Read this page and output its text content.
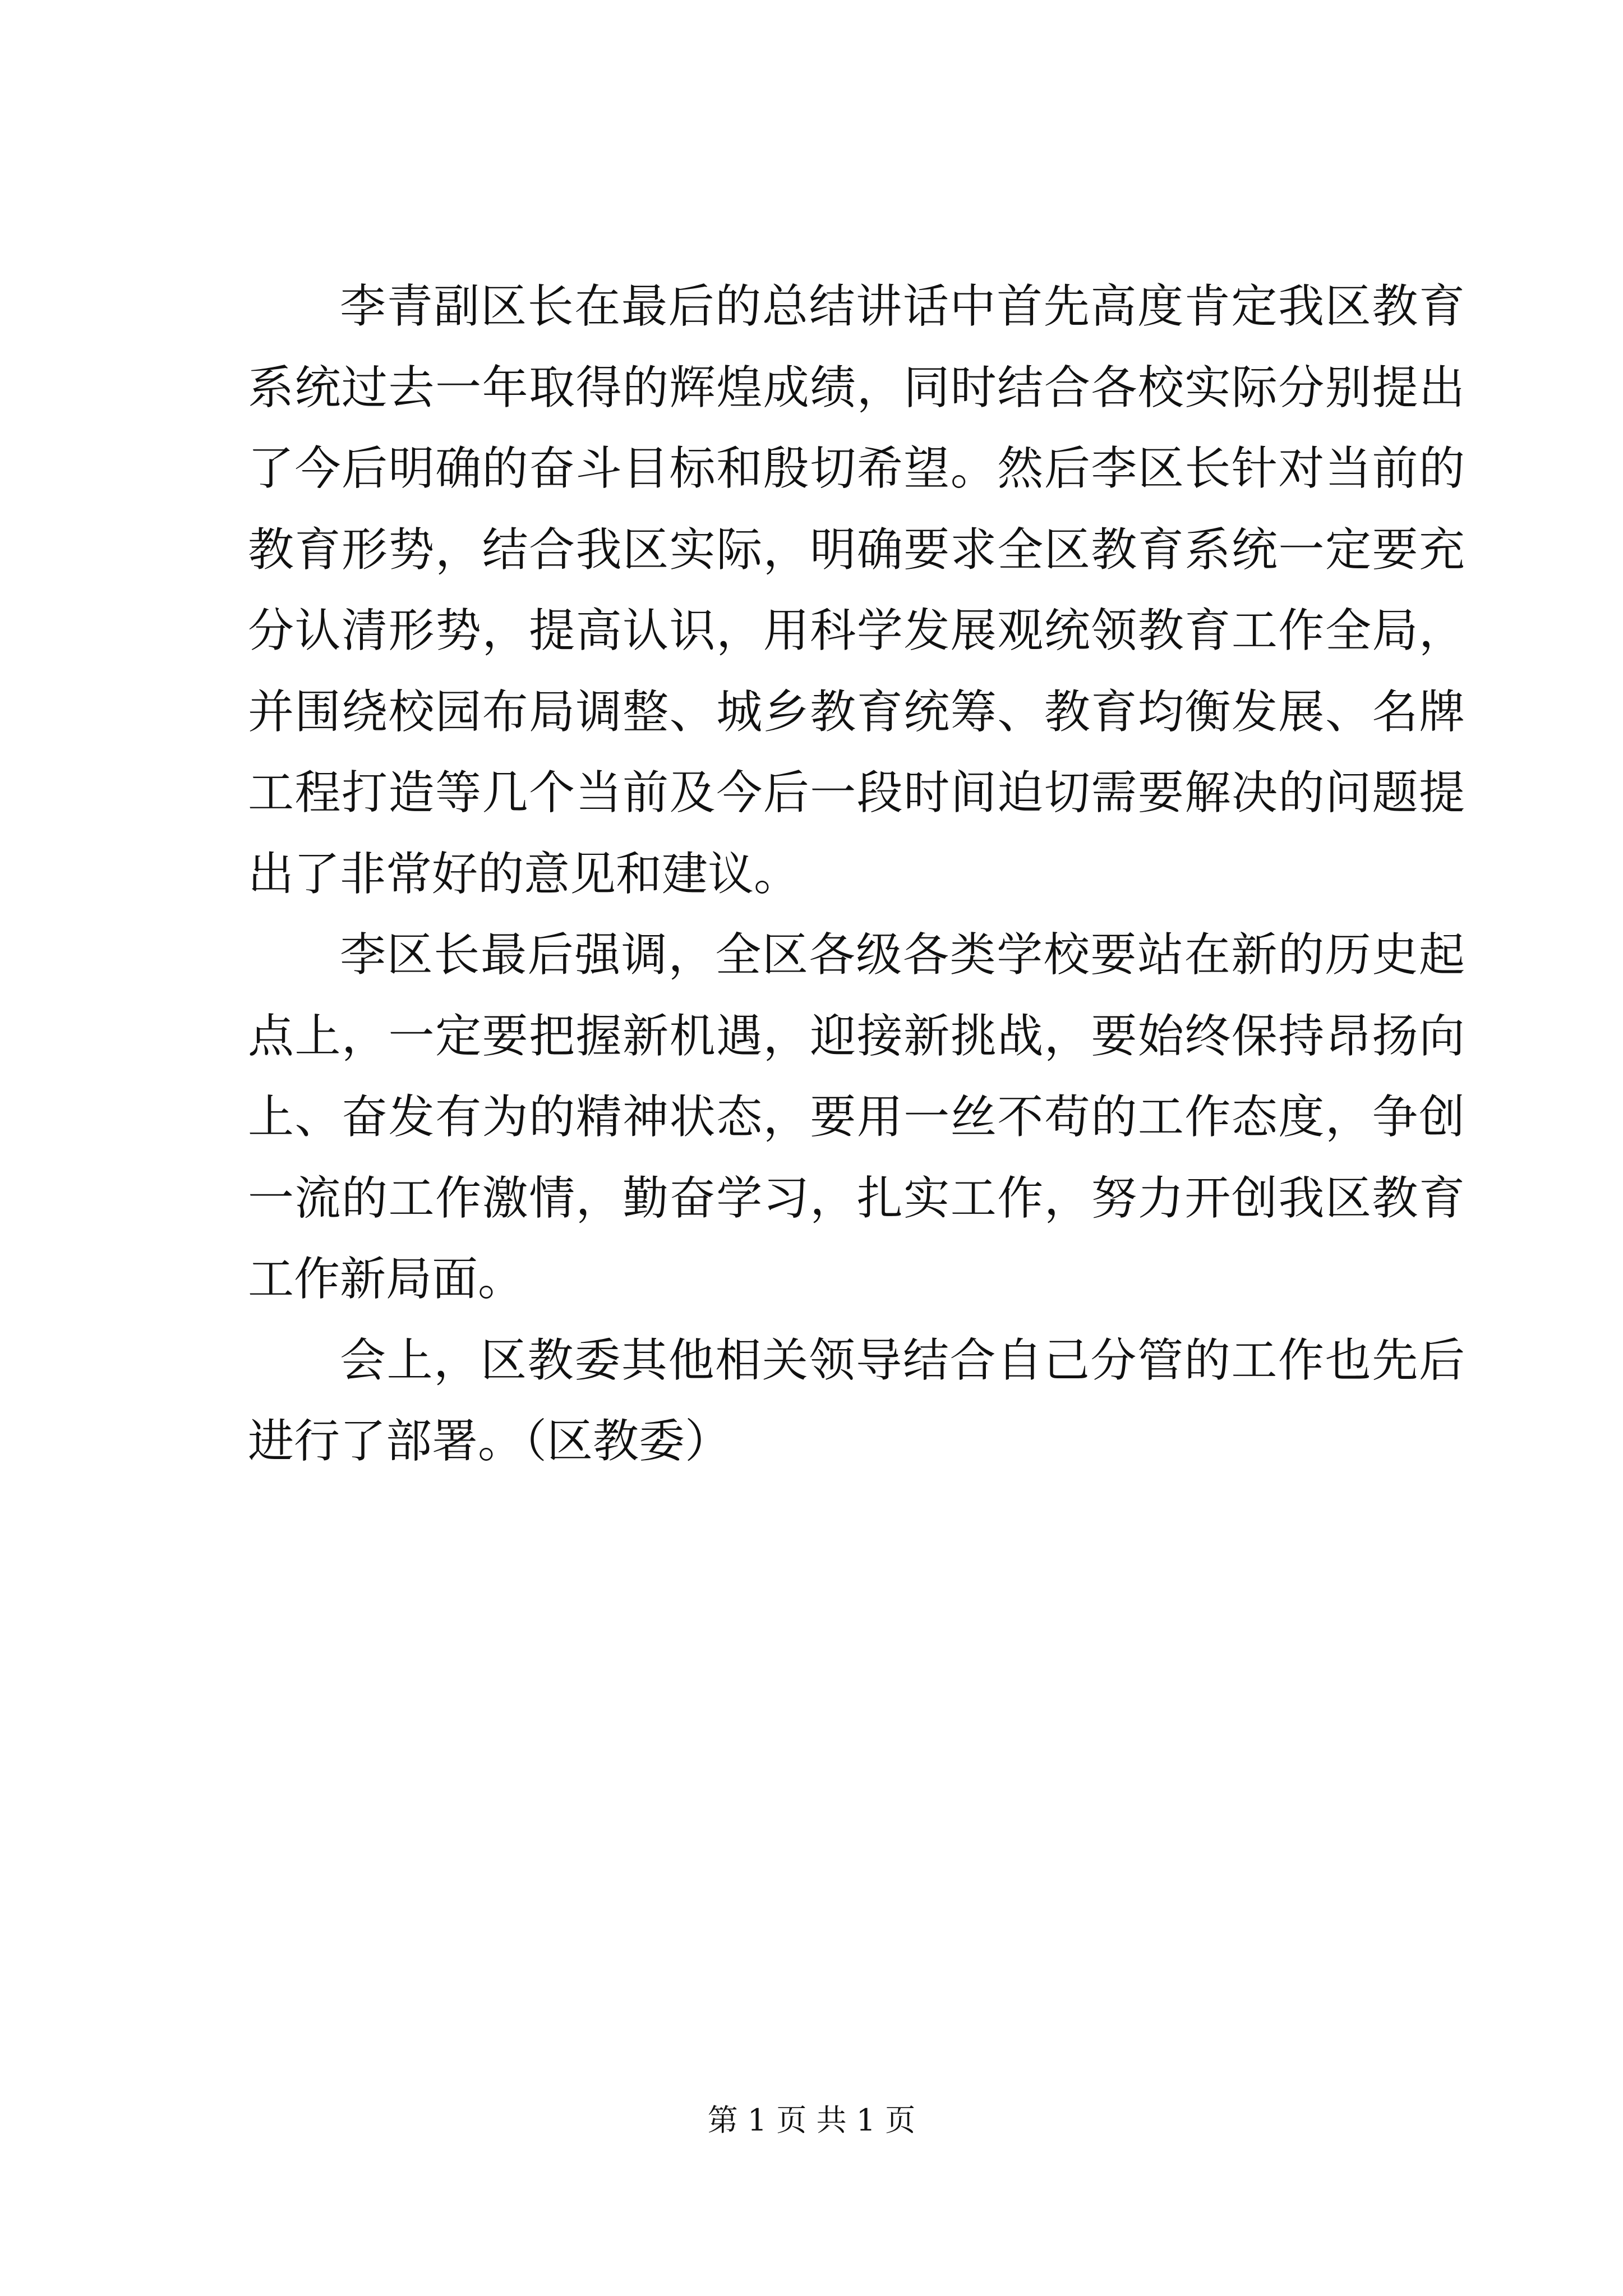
李青副区长在最后的总结讲话中首先高度肯定我区教育系统过去一年取得的辉煌成绩，同时结合各校实际分别提出了今后明确的奋斗目标和殷切希望。然后李区长针对当前的教育形势，结合我区实际，明确要求全区教育系统一定要充分认清形势，提高认识，用科学发展观统领教育工作全局，并围绕校园布局调整、城乡教育统筹、教育均衡发展、名牌工程打造等几个当前及今后一段时间迫切需要解决的问题提出了非常好的意见和建议。

李区长最后强调，全区各级各类学校要站在新的历史起点上，一定要把握新机遇，迎接新挑战，要始终保持昂扬向上、奋发有为的精神状态，要用一丝不苟的工作态度，争创一流的工作激情，勤奋学习，扎实工作，努力开创我区教育工作新局面。

会上，区教委其他相关领导结合自己分管的工作也先后进行了部署。（区教委）

第 1 页 共 1 页
